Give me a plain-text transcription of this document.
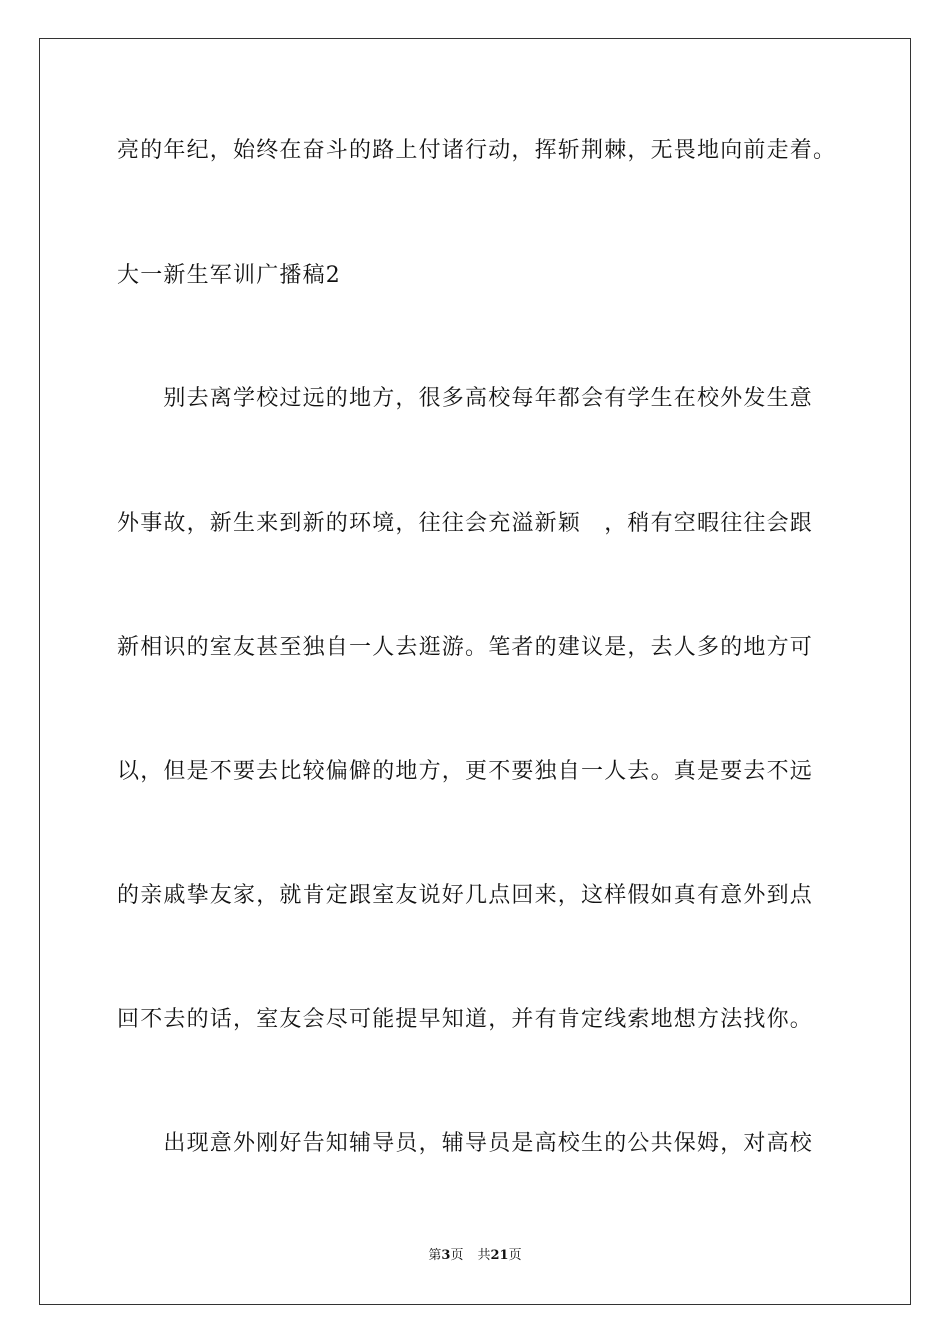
亮的年纪，始终在奋斗的路上付诸行动，挥斩荆棘，无畏地向前走着。
大一新生军训广播稿2
　　别去离学校过远的地方，很多高校每年都会有学生在校外发生意
外事故，新生来到新的环境，往往会充溢新颖　，稍有空暇往往会跟
新相识的室友甚至独自一人去逛游。笔者的建议是，去人多的地方可
以，但是不要去比较偏僻的地方，更不要独自一人去。真是要去不远
的亲戚挚友家，就肯定跟室友说好几点回来，这样假如真有意外到点
回不去的话，室友会尽可能提早知道，并有肯定线索地想方法找你。
　　出现意外刚好告知辅导员，辅导员是高校生的公共保姆，对高校
第3页 共21页
